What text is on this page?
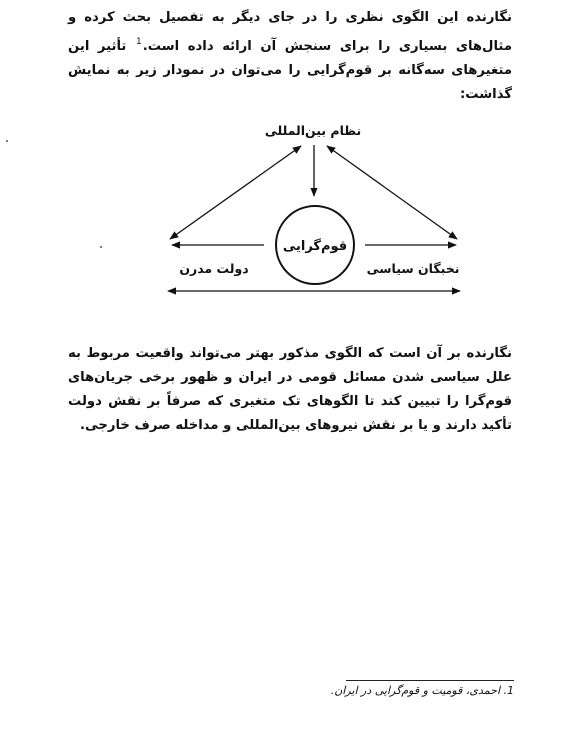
نگارنده این الگوی نظری را در جای دیگر به تفصیل بحث کرده و مثال‌های بسیاری را برای سنجش آن ارائه داده است.$^1$ تأثیر این متغیرهای سه‌گانه بر قوم‌گرایی را می‌توان در نمودار زیر به نمایش گذاشت:
نظام بین‌المللی
قوم‌گرایی
دولت مدرن	نخبگان سیاسی
نگارنده بر آن است که الگوی مذکور بهتر می‌تواند واقعیت مربوط به علل سیاسی شدن مسائل قومی در ایران و ظهور برخی جریان‌های قوم‌گرا را تبیین کند تا الگوهای تک متغیری که صرفاً بر نقش دولت تأکید دارند و یا بر نقش نیروهای بین‌المللی و مداخله صرف خارجی.
1. احمدی، قومیت و قوم‌گرایی در ایران.
